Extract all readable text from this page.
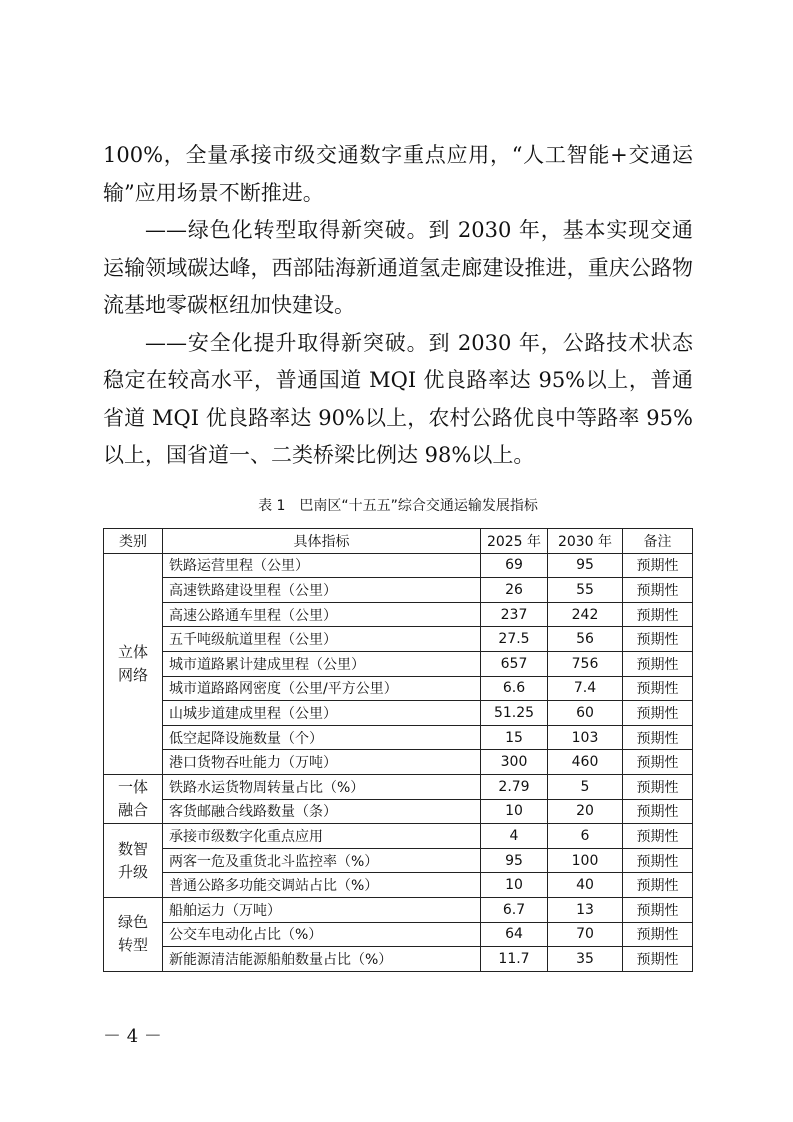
100%，全量承接市级交通数字重点应用，“人工智能+交通运输”应用场景不断推进。

——绿色化转型取得新突破。到 2030 年，基本实现交通运输领域碳达峰，西部陆海新通道氢走廊建设推进，重庆公路物流基地零碳枢纽加快建设。

——安全化提升取得新突破。到 2030 年，公路技术状态稳定在较高水平，普通国道 MQI 优良路率达 95%以上，普通省道 MQI 优良路率达 90%以上，农村公路优良中等路率 95%以上，国省道一、二类桥梁比例达 98%以上。

表 1　巴南区“十五五”综合交通运输发展指标
类别	具体指标	2025 年	2030 年	备注

立体
网络	铁路运营里程（公里）	69	95	预期性
	高速铁路建设里程（公里）	26	55	预期性
	高速公路通车里程（公里）	237	242	预期性
	五千吨级航道里程（公里）	27.5	56	预期性
	城市道路累计建成里程（公里）	657	756	预期性
	城市道路路网密度（公里/平方公里）	6.6	7.4	预期性
	山城步道建成里程（公里）	51.25	60	预期性
	低空起降设施数量（个）	15	103	预期性
	港口货物吞吐能力（万吨）	300	460	预期性

一体
融合	铁路水运货物周转量占比（%）	2.79	5	预期性
	客货邮融合线路数量（条）	10	20	预期性

数智
升级	承接市级数字化重点应用	4	6	预期性
	两客一危及重货北斗监控率（%）	95	100	预期性
	普通公路多功能交调站占比（%）	10	40	预期性

绿色
转型	船舶运力（万吨）	6.7	13	预期性
	公交车电动化占比（%）	64	70	预期性
	新能源清洁能源船舶数量占比（%）	11.7	35	预期性
－ 4 －
